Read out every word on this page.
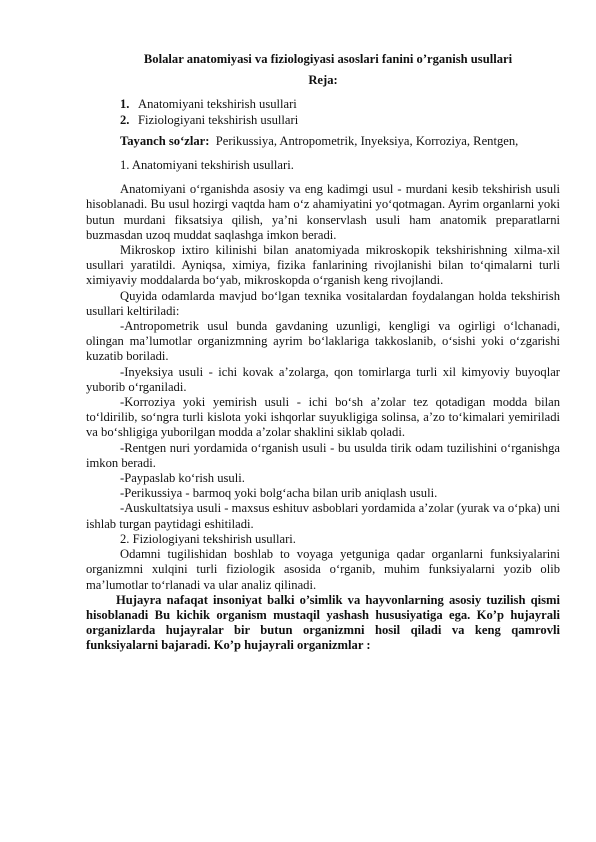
Bolalar anatomiyasi va fiziologiyasi asoslari fanini o’rganish usullari
Reja:
1. Anatomiyani tekshirish usullari
2. Fiziologiyani tekshirish usullari

Tayanch so‘zlar: Perikussiya, Antropometrik, Inyeksiya, Korroziya, Rentgen,

1. Anatomiyani tekshirish usullari.

Anatomiyani o‘rganishda asosiy va eng kadimgi usul - murdani kesib tekshirish usuli hisoblanadi. Bu usul hozirgi vaqtda ham o‘z ahamiyatini yo‘qotmagan. Ayrim organlarni yoki butun murdani fiksatsiya qilish, ya’ni konservlash usuli ham anatomik preparatlarni buzmasdan uzoq muddat saqlashga imkon beradi.

Mikroskop ixtiro kilinishi bilan anatomiyada mikroskopik tekshirishning xilma-xil usullari yaratildi. Ayniqsa, ximiya, fizika fanlarining rivojlanishi bilan to‘qimalarni turli ximiyaviy moddalarda bo‘yab, mikroskopda o‘rganish keng rivojlandi.

Quyida odamlarda mavjud bo‘lgan texnika vositalardan foydalangan holda tekshirish usullari keltiriladi:

-Antropometrik usul bunda gavdaning uzunligi, kengligi va ogirligi o‘lchanadi, olingan ma’lumotlar organizmning ayrim bo‘laklariga takkoslanib, o‘sishi yoki o‘zgarishi kuzatib boriladi.

-Inyeksiya usuli - ichi kovak a’zolarga, qon tomirlarga turli xil kimyoviy buyoqlar yuborib o‘rganiladi.

-Korroziya yoki yemirish usuli - ichi bo‘sh a’zolar tez qotadigan modda bilan to‘ldirilib, so‘ngra turli kislota yoki ishqorlar suyukligiga solinsa, a’zo to‘kimalari yemiriladi va bo‘shligiga yuborilgan modda a’zolar shaklini siklab qoladi.

-Rentgen nuri yordamida o‘rganish usuli - bu usulda tirik odam tuzilishini o‘rganishga imkon beradi.

-Paypaslab ko‘rish usuli.

-Perikussiya - barmoq yoki bolg‘acha bilan urib aniqlash usuli.

-Auskultatsiya usuli - maxsus eshituv asboblari yordamida a’zolar (yurak va o‘pka) uni ishlab turgan paytidagi eshitiladi.

2. Fiziologiyani tekshirish usullari.

Odamni tugilishidan boshlab to voyaga yetguniga qadar organlarni funksiyalarini organizmni xulqini turli fiziologik asosida o‘rganib, muhim funksiyalarni yozib olib ma’lumotlar to‘rlanadi va ular analiz qilinadi.

Hujayra nafaqat insoniyat balki o’simlik va hayvonlarning asosiy tuzilish qismi hisoblanadi Bu kichik organism mustaqil yashash hususiyatiga ega. Ko’p hujayrali organizlarda hujayralar bir butun organizmni hosil qiladi va keng qamrovli funksiyalarni bajaradi. Ko’p hujayrali organizmlar :
